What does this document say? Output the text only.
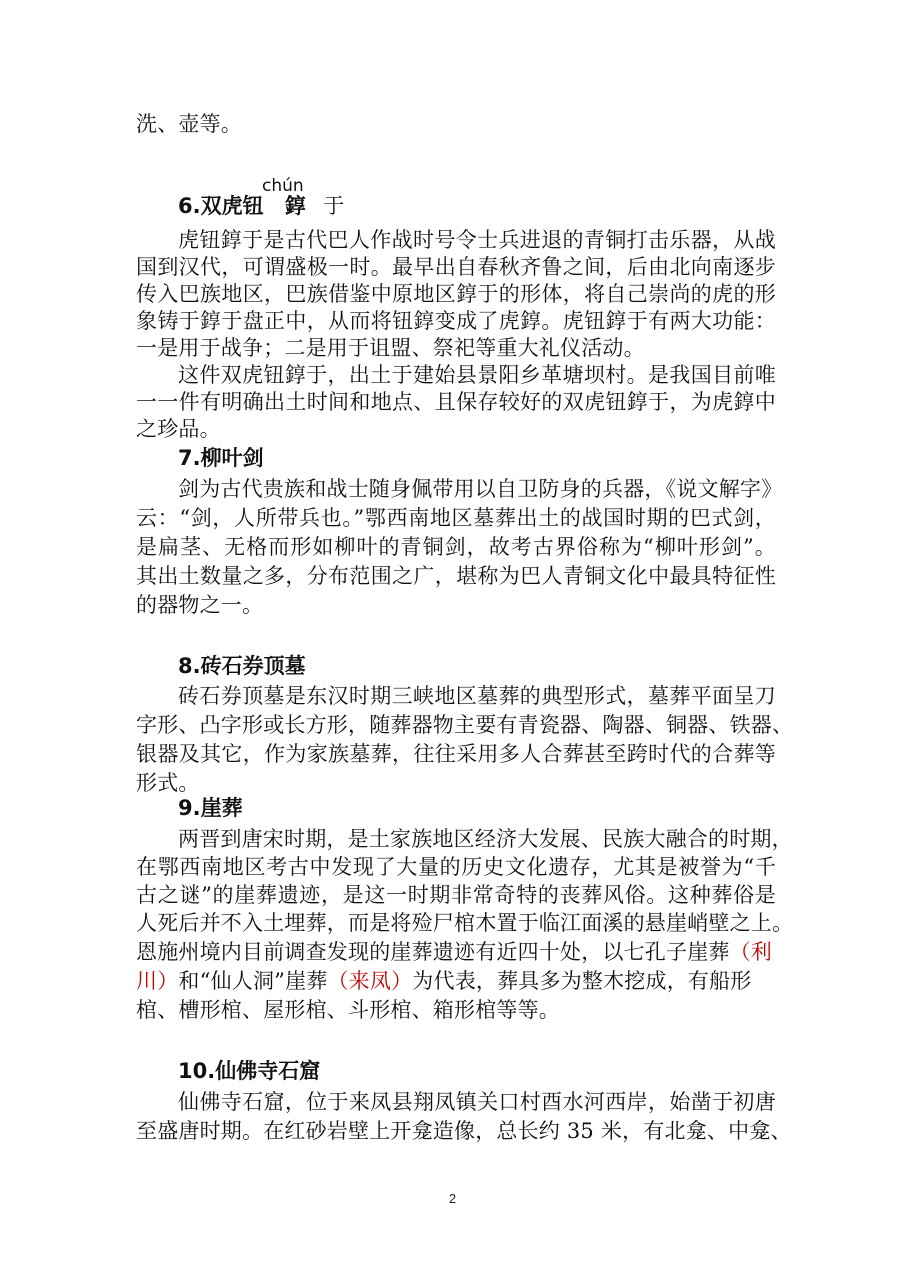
洗、壶等。
chún
6.双虎钮 錞 于
虎钮錞于是古代巴人作战时号令士兵进退的青铜打击乐器，从战
国到汉代，可谓盛极一时。最早出自春秋齐鲁之间，后由北向南逐步
传入巴族地区，巴族借鉴中原地区錞于的形体，将自己崇尚的虎的形
象铸于錞于盘正中，从而将钮錞变成了虎錞。虎钮錞于有两大功能：
一是用于战争；二是用于诅盟、祭祀等重大礼仪活动。
这件双虎钮錞于，出土于建始县景阳乡革塘坝村。是我国目前唯
一一件有明确出土时间和地点、且保存较好的双虎钮錞于，为虎錞中
之珍品。
7.柳叶剑
剑为古代贵族和战士随身佩带用以自卫防身的兵器，《说文解字》
云：“剑，人所带兵也。”鄂西南地区墓葬出土的战国时期的巴式剑，
是扁茎、无格而形如柳叶的青铜剑，故考古界俗称为“柳叶形剑”。
其出土数量之多，分布范围之广，堪称为巴人青铜文化中最具特征性
的器物之一。
8.砖石券顶墓
砖石券顶墓是东汉时期三峡地区墓葬的典型形式，墓葬平面呈刀
字形、凸字形或长方形，随葬器物主要有青瓷器、陶器、铜器、铁器、
银器及其它，作为家族墓葬，往往采用多人合葬甚至跨时代的合葬等
形式。
9.崖葬
两晋到唐宋时期，是土家族地区经济大发展、民族大融合的时期，
在鄂西南地区考古中发现了大量的历史文化遗存，尤其是被誉为“千
古之谜”的崖葬遗迹，是这一时期非常奇特的丧葬风俗。这种葬俗是
人死后并不入土埋葬，而是将殓尸棺木置于临江面溪的悬崖峭壁之上。
恩施州境内目前调查发现的崖葬遗迹有近四十处，以七孔子崖葬（利
川）和“仙人洞”崖葬（来凤）为代表，葬具多为整木挖成，有船形
棺、槽形棺、屋形棺、斗形棺、箱形棺等等。
10.仙佛寺石窟
仙佛寺石窟，位于来凤县翔凤镇关口村酉水河西岸，始凿于初唐
至盛唐时期。在红砂岩壁上开龛造像，总长约 35 米，有北龛、中龛、
2
